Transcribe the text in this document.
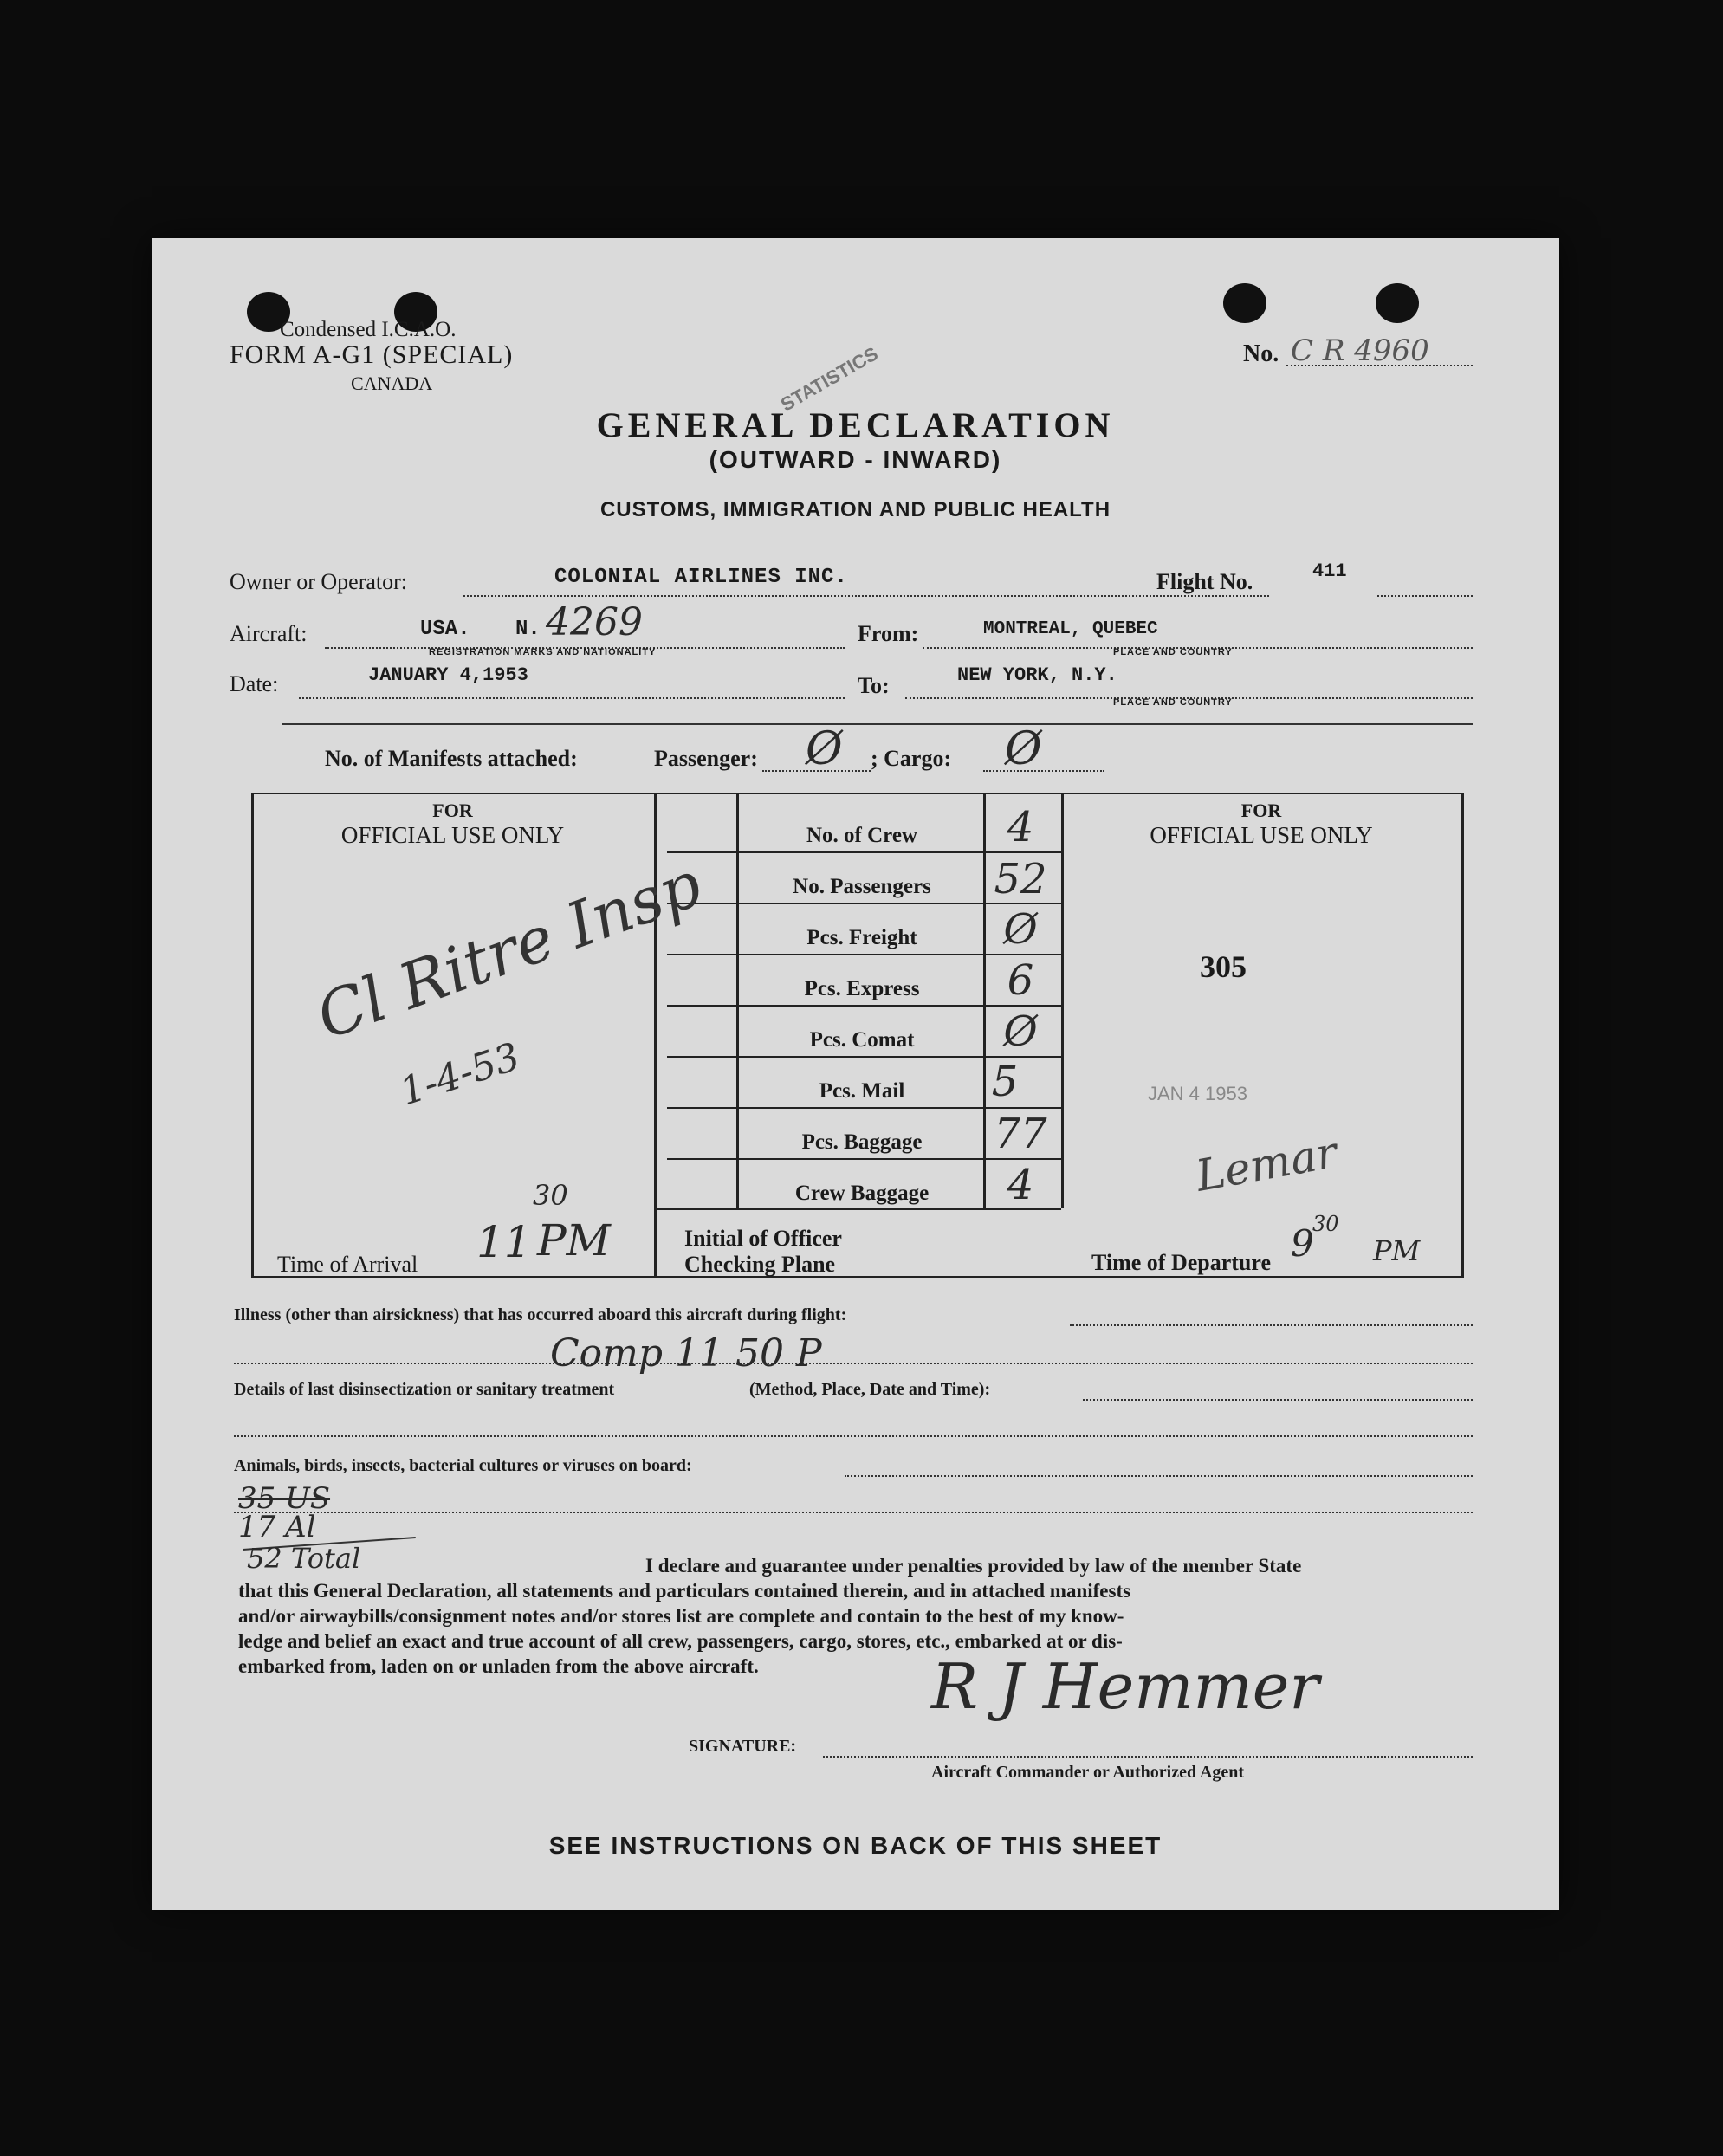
Condensed I.C.A.O.
FORM A-G1 (SPECIAL)
CANADA
No. C R 4960
STATISTICS
GENERAL DECLARATION
(OUTWARD - INWARD)
CUSTOMS, IMMIGRATION AND PUBLIC HEALTH
Owner or Operator:	COLONIAL AIRLINES INC.	Flight No.	411
Aircraft:	USA. N. 4269
REGISTRATION MARKS AND NATIONALITY
From:	MONTREAL, QUEBEC
PLACE AND COUNTRY
Date:	JANUARY 4,1953	To:	NEW YORK, N.Y.
PLACE AND COUNTRY
No. of Manifests attached:	Passenger: Ø ; Cargo: Ø
FOR
OFFICIAL USE ONLY
FOR
OFFICIAL USE ONLY
No. of Crew	4
No. Passengers	52
Pcs. Freight	Ø
Pcs. Express	6
Pcs. Comat	Ø
Pcs. Mail	5
Pcs. Baggage	77
Crew Baggage	4
Cl Ritre Insp
1-4-53
Time of Arrival 11
30
PM	Initial of Officer
Checking Plane
305
JAN 4 1953
Lemar
Time of Departure 9
30
PM
Illness (other than airsickness) that has occurred aboard this aircraft during flight:
Comp 11 50 P
Details of last disinsectization or sanitary treatment	(Method, Place, Date and Time):
Animals, birds, insects, bacterial cultures or viruses on board:
35 US
17 Al
52 Total	I declare and guarantee under penalties provided by law of the member State
that this General Declaration, all statements and particulars contained therein, and in attached manifests
and/or airwaybills/consignment notes and/or stores list are complete and contain to the best of my know-
ledge and belief an exact and true account of all crew, passengers, cargo, stores, etc., embarked at or dis-
embarked from, laden on or unladen from the above aircraft.	R J Hemmer
SIGNATURE:
Aircraft Commander or Authorized Agent
SEE INSTRUCTIONS ON BACK OF THIS SHEET
